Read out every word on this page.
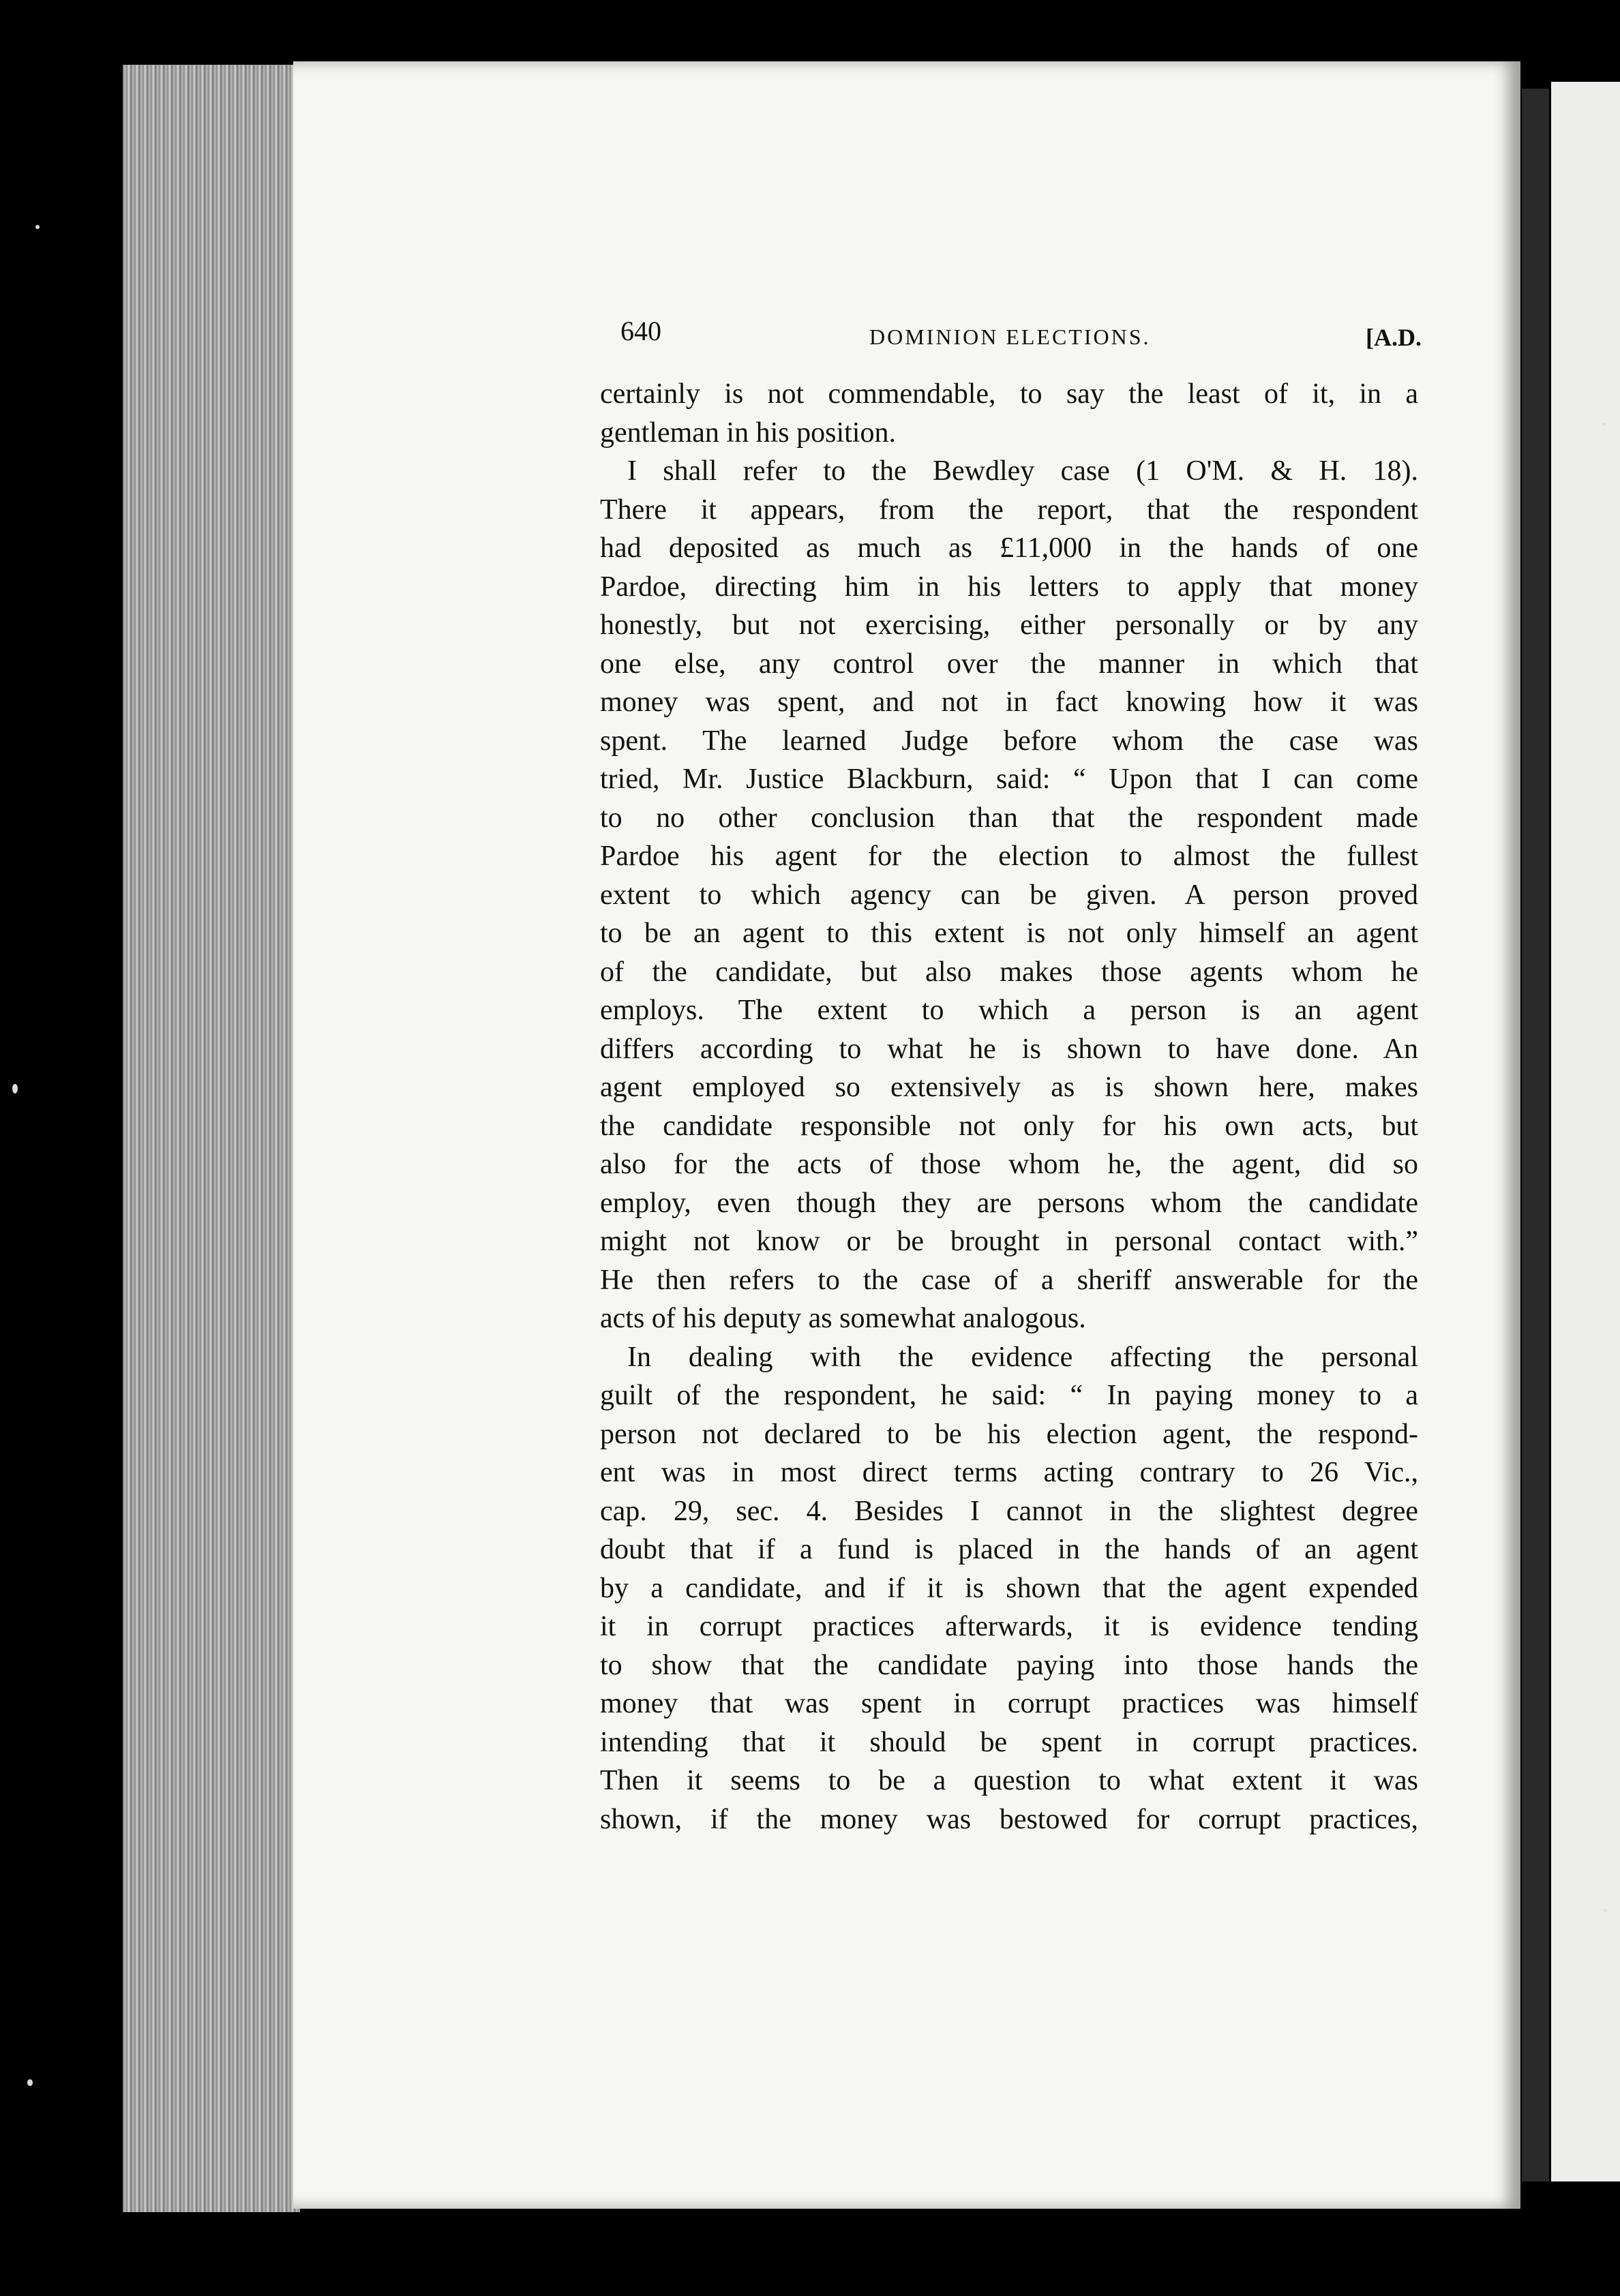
640	DOMINION ELECTIONS.	[A.D.
certainly is not commendable, to say the least of it, in a
gentleman in his position.
I shall refer to the Bewdley case (1 O'M. & H. 18).
There it appears, from the report, that the respondent
had deposited as much as £11,000 in the hands of one
Pardoe, directing him in his letters to apply that money
honestly, but not exercising, either personally or by any
one else, any control over the manner in which that
money was spent, and not in fact knowing how it was
spent. The learned Judge before whom the case was
tried, Mr. Justice Blackburn, said: “ Upon that I can come
to no other conclusion than that the respondent made
Pardoe his agent for the election to almost the fullest
extent to which agency can be given. A person proved
to be an agent to this extent is not only himself an agent
of the candidate, but also makes those agents whom he
employs. The extent to which a person is an agent
differs according to what he is shown to have done. An
agent employed so extensively as is shown here, makes
the candidate responsible not only for his own acts, but
also for the acts of those whom he, the agent, did so
employ, even though they are persons whom the candidate
might not know or be brought in personal contact with.”
He then refers to the case of a sheriff answerable for the
acts of his deputy as somewhat analogous.
In dealing with the evidence affecting the personal
guilt of the respondent, he said: “ In paying money to a
person not declared to be his election agent, the respond-
ent was in most direct terms acting contrary to 26 Vic.,
cap. 29, sec. 4. Besides I cannot in the slightest degree
doubt that if a fund is placed in the hands of an agent
by a candidate, and if it is shown that the agent expended
it in corrupt practices afterwards, it is evidence tending
to show that the candidate paying into those hands the
money that was spent in corrupt practices was himself
intending that it should be spent in corrupt practices.
Then it seems to be a question to what extent it was
shown, if the money was bestowed for corrupt practices,
